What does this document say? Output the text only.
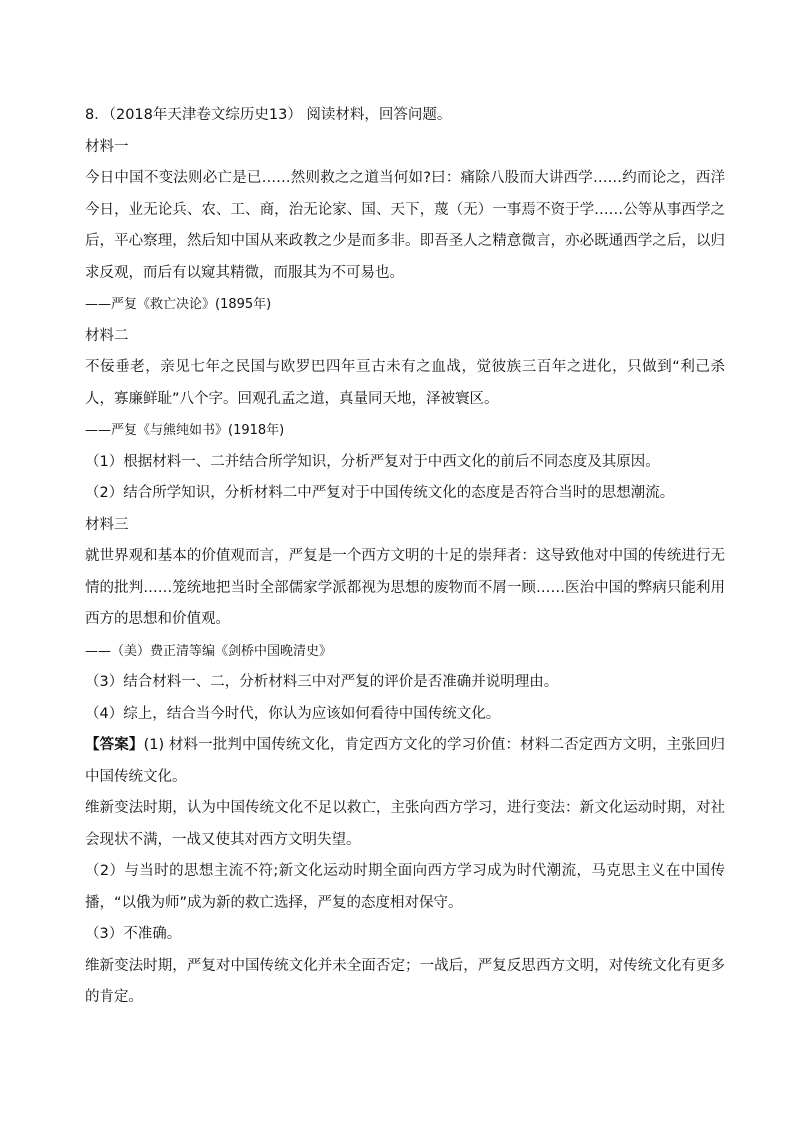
8．（2018年天津卷文综历史13） 阅读材料，回答问题。

材料一

今日中国不变法则必亡是已……然则救之之道当何如?曰：痛除八股而大讲西学……约而论之，西洋今日，业无论兵、农、工、商，治无论家、国、天下，蔑（无）一事焉不资于学……公等从事西学之后，平心察理，然后知中国从来政教之少是而多非。即吾圣人之精意微言，亦必既通西学之后，以归求反观，而后有以窥其精微，而服其为不可易也。

——严复《救亡决论》(1895年)

材料二

不佞垂老，亲见七年之民国与欧罗巴四年亘古未有之血战，觉彼族三百年之进化，只做到“利己杀人，寡廉鲜耻”八个字。回观孔孟之道，真量同天地，泽被寰区。

——严复《与熊纯如书》(1918年)

（1）根据材料一、二并结合所学知识，分析严复对于中西文化的前后不同态度及其原因。

（2）结合所学知识，分析材料二中严复对于中国传统文化的态度是否符合当时的思想潮流。

材料三

就世界观和基本的价值观而言，严复是一个西方文明的十足的崇拜者：这导致他对中国的传统进行无情的批判……笼统地把当时全部儒家学派都视为思想的废物而不屑一顾……医治中国的弊病只能利用西方的思想和价值观。

——（美）费正清等编《剑桥中国晚清史》

（3）结合材料一、二，分析材料三中对严复的评价是否准确并说明理由。

（4）综上，结合当今时代，你认为应该如何看待中国传统文化。

【答案】(1) 材料一批判中国传统文化，肯定西方文化的学习价值：材料二否定西方文明，主张回归中国传统文化。

维新变法时期，认为中国传统文化不足以救亡，主张向西方学习，进行变法：新文化运动时期，对社会现状不满，一战又使其对西方文明失望。

（2）与当时的思想主流不符;新文化运动时期全面向西方学习成为时代潮流，马克思主义在中国传播，“以俄为师”成为新的救亡选择，严复的态度相对保守。

（3）不准确。

维新变法时期，严复对中国传统文化并未全面否定；一战后，严复反思西方文明，对传统文化有更多的肯定。
